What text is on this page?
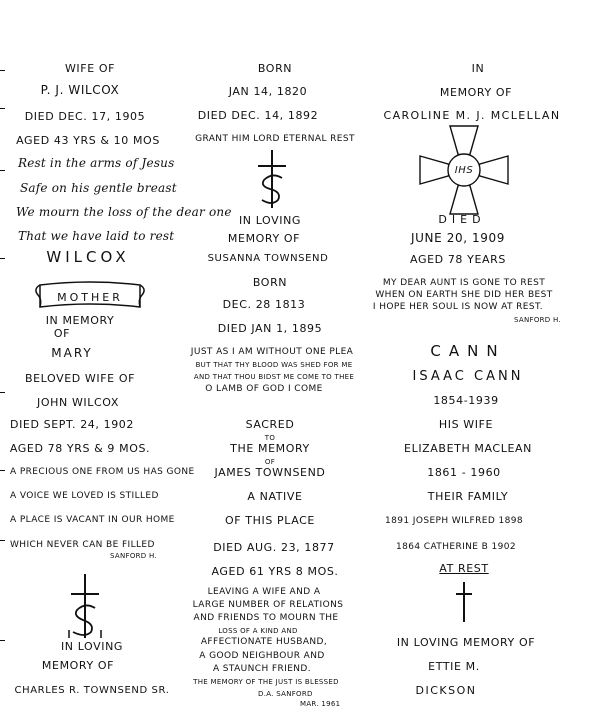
WIFE OF
P. J. WILCOX
DIED DEC. 17, 1905
AGED 43 YRS & 10 MOS
Rest in the arms of Jesus
Safe on his gentle breast
We mourn the loss of the dear one
That we have laid to rest
WILCOX
MOTHER
IN MEMORY
OF
MARY
BELOVED WIFE OF
JOHN WILCOX
DIED SEPT. 24, 1902
AGED 78 YRS & 9 MOS.
A PRECIOUS ONE FROM US HAS GONE
A VOICE WE LOVED IS STILLED
A PLACE IS VACANT IN OUR HOME
WHICH NEVER CAN BE FILLED
SANFORD H.
IN LOVING
MEMORY OF
CHARLES R. TOWNSEND SR.
BORN
JAN 14, 1820
DIED DEC. 14, 1892
GRANT HIM LORD ETERNAL REST
IN LOVING
MEMORY OF
SUSANNA TOWNSEND
BORN
DEC. 28 1813
DIED JAN 1, 1895
JUST AS I AM WITHOUT ONE PLEA
BUT THAT THY BLOOD WAS SHED FOR ME
AND THAT THOU BIDST ME COME TO THEE
O LAMB OF GOD I COME
SACRED
TO
THE MEMORY
OF
JAMES TOWNSEND
A NATIVE
OF THIS PLACE
DIED AUG. 23, 1877
AGED 61 YRS 8 MOS.
LEAVING A WIFE AND A
LARGE NUMBER OF RELATIONS
AND FRIENDS TO MOURN THE
LOSS OF A KIND AND
AFFECTIONATE HUSBAND,
A GOOD NEIGHBOUR AND
A STAUNCH FRIEND.
THE MEMORY OF THE JUST IS BLESSED
D.A. SANFORD
MAR. 1961
IN
MEMORY OF
CAROLINE M. J. MCLELLAN
IHS
DIED
JUNE 20, 1909
AGED 78 YEARS
MY DEAR AUNT IS GONE TO REST
WHEN ON EARTH SHE DID HER BEST
I HOPE HER SOUL IS NOW AT REST.
SANFORD H.
CANN
ISAAC CANN
1854-1939
HIS WIFE
ELIZABETH MACLEAN
1861 - 1960
THEIR FAMILY
1891 JOSEPH WILFRED 1898
1864 CATHERINE B 1902
AT REST
IN LOVING MEMORY OF
ETTIE M.
DICKSON
